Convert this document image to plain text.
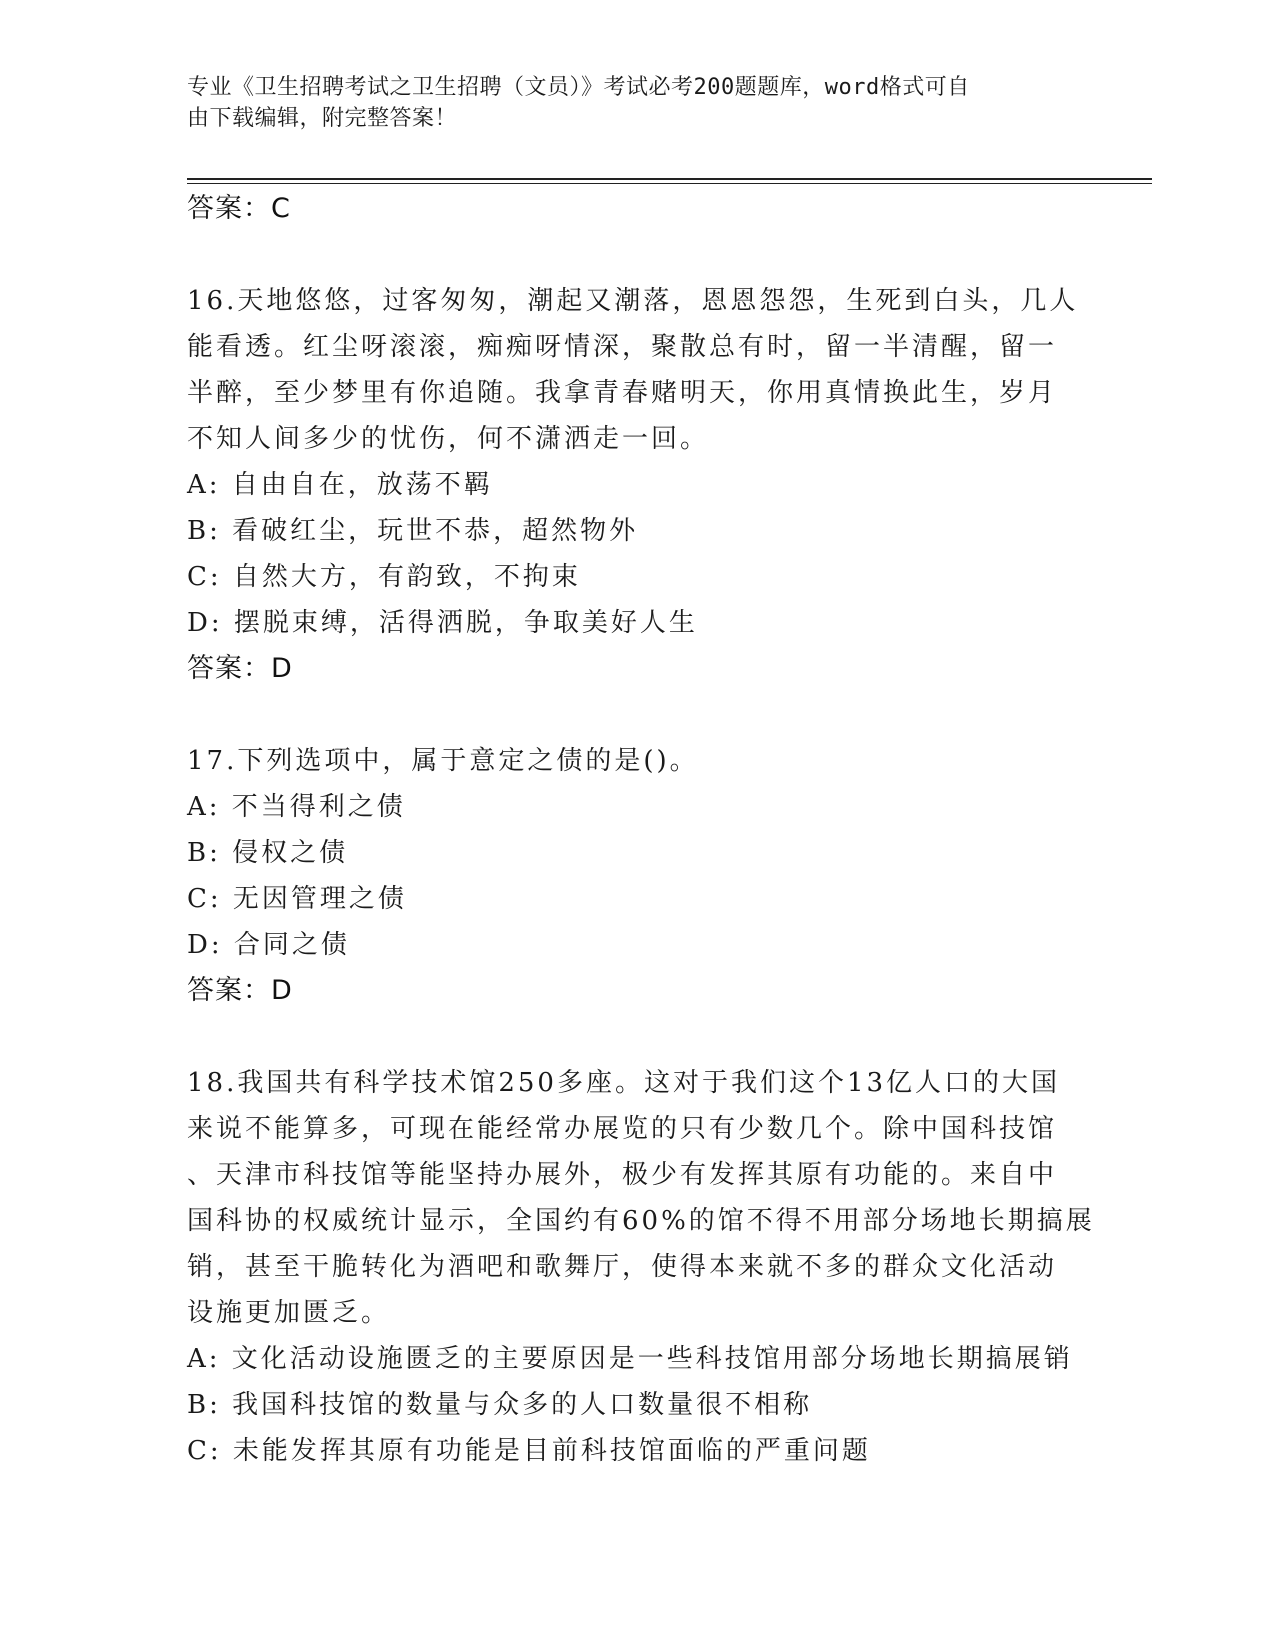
专业《卫生招聘考试之卫生招聘（文员）》考试必考200题题库，word格式可自
由下载编辑，附完整答案！
答案：C
16.天地悠悠，过客匆匆，潮起又潮落，恩恩怨怨，生死到白头，几人
能看透。红尘呀滚滚，痴痴呀情深，聚散总有时，留一半清醒，留一
半醉，至少梦里有你追随。我拿青春赌明天，你用真情换此生，岁月
不知人间多少的忧伤，何不潇洒走一回。
A: 自由自在，放荡不羁
B: 看破红尘，玩世不恭，超然物外
C: 自然大方，有韵致，不拘束
D: 摆脱束缚，活得洒脱，争取美好人生
答案：D
17.下列选项中，属于意定之债的是()。
A: 不当得利之债
B: 侵权之债
C: 无因管理之债
D: 合同之债
答案：D
18.我国共有科学技术馆250多座。这对于我们这个13亿人口的大国
来说不能算多，可现在能经常办展览的只有少数几个。除中国科技馆
、天津市科技馆等能坚持办展外，极少有发挥其原有功能的。来自中
国科协的权威统计显示，全国约有60%的馆不得不用部分场地长期搞展
销，甚至干脆转化为酒吧和歌舞厅，使得本来就不多的群众文化活动
设施更加匮乏。
A: 文化活动设施匮乏的主要原因是一些科技馆用部分场地长期搞展销
B: 我国科技馆的数量与众多的人口数量很不相称
C: 未能发挥其原有功能是目前科技馆面临的严重问题
